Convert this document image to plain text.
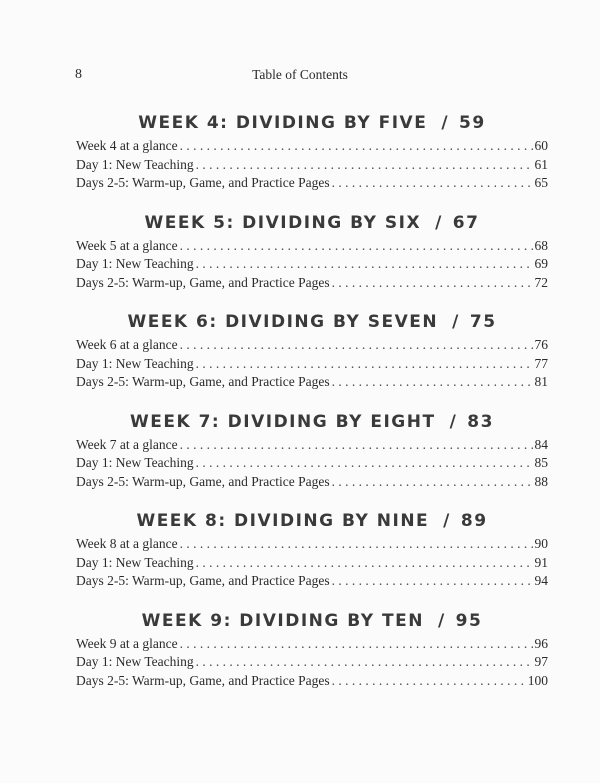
8	Table of Contents
WEEK 4: DIVIDING BY FIVE / 59
Week 4 at a glance . . .	60
Day 1: New Teaching . . .	61
Days 2-5: Warm-up, Game, and Practice Pages . . .	65
WEEK 5: DIVIDING BY SIX / 67
Week 5 at a glance . . .	68
Day 1: New Teaching . . .	69
Days 2-5: Warm-up, Game, and Practice Pages . . .	72
WEEK 6: DIVIDING BY SEVEN / 75
Week 6 at a glance . . .	76
Day 1: New Teaching . . .	77
Days 2-5: Warm-up, Game, and Practice Pages . . .	81
WEEK 7: DIVIDING BY EIGHT / 83
Week 7 at a glance . . .	84
Day 1: New Teaching . . .	85
Days 2-5: Warm-up, Game, and Practice Pages . . .	88
WEEK 8: DIVIDING BY NINE / 89
Week 8 at a glance . . .	90
Day 1: New Teaching . . .	91
Days 2-5: Warm-up, Game, and Practice Pages . . .	94
WEEK 9: DIVIDING BY TEN / 95
Week 9 at a glance . . .	96
Day 1: New Teaching . . .	97
Days 2-5: Warm-up, Game, and Practice Pages . . .	100
